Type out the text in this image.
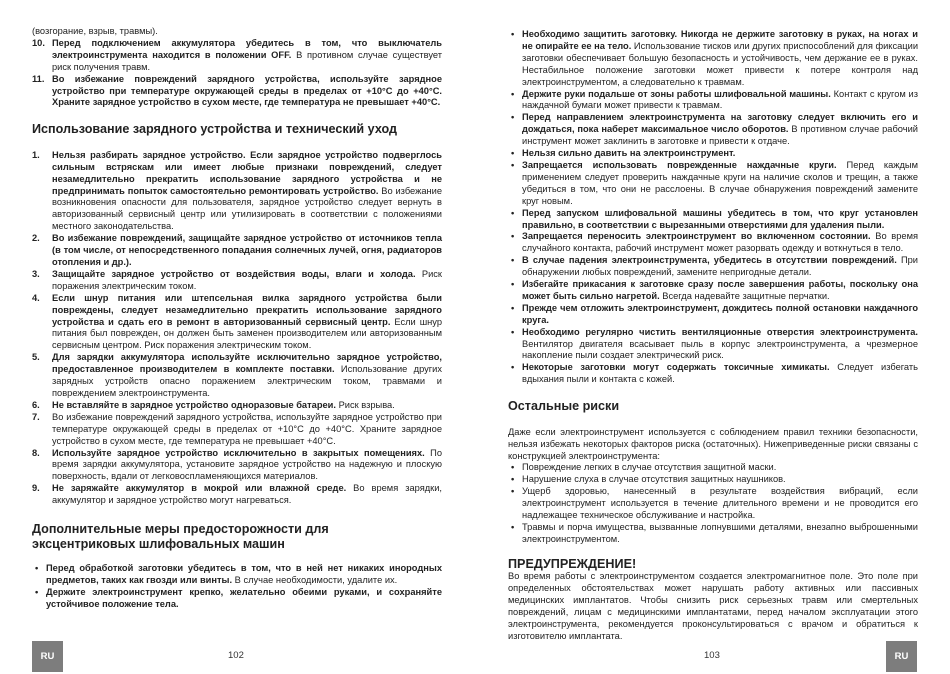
(возгорание, взрыв, травмы).

10. Перед подключением аккумулятора убедитесь в том, что выключатель электроинструмента находится в положении OFF. В противном случае существует риск получения травм.
11. Во избежание повреждений зарядного устройства, используйте зарядное устройство при температуре окружающей среды в пределах от +10°С до +40°С. Храните зарядное устройство в сухом месте, где температура не превышает +40°С.
Использование зарядного устройства и технический уход
1. Нельзя разбирать зарядное устройство. Если зарядное устройство подверглось сильным встряскам или имеет любые признаки повреждений, следует незамедлительно прекратить использование зарядного устройства и не предпринимать попыток самостоятельно ремонтировать устройство. Во избежание возникновения опасности для пользователя, зарядное устройство следует вернуть в авторизованный сервисный центр или утилизировать в соответствии с положениями местного законодательства.
2. Во избежание повреждений, защищайте зарядное устройство от источников тепла (в том числе, от непосредственного попадания солнечных лучей, огня, радиаторов отопления и др.).
3. Защищайте зарядное устройство от воздействия воды, влаги и холода. Риск поражения электрическим током.
4. Если шнур питания или штепсельная вилка зарядного устройства были повреждены, следует незамедлительно прекратить использование зарядного устройства и сдать его в ремонт в авторизованный сервисный центр. Если шнур питания был поврежден, он должен быть заменен производителем или авторизованным сервисным центром. Риск поражения электрическим током.
5. Для зарядки аккумулятора используйте исключительно зарядное устройство, предоставленное производителем в комплекте поставки. Использование других зарядных устройств опасно поражением электрическим током, травмами и повреждением электроинструмента.
6. Не вставляйте в зарядное устройство одноразовые батареи. Риск взрыва.
7. Во избежание повреждений зарядного устройства, используйте зарядное устройство при температуре окружающей среды в пределах от +10°С до +40°С. Храните зарядное устройство в сухом месте, где температура не превышает +40°С.
8. Используйте зарядное устройство исключительно в закрытых помещениях. По время зарядки аккумулятора, установите зарядное устройство на надежную и плоскую поверхность, вдали от легковоспламеняющихся материалов.
9. Не заряжайте аккумулятор в мокрой или влажной среде. Во время зарядки, аккумулятор и зарядное устройство могут нагреваться.
Дополнительные меры предосторожности для
эксцентриковых шлифовальных машин
• Перед обработкой заготовки убедитесь в том, что в ней нет никаких инородных предметов, таких как гвозди или винты. В случае необходимости, удалите их.
• Держите электроинструмент крепко, желательно обеими руками, и сохраняйте устойчивое положение тела.
RU	102
• Необходимо защитить заготовку. Никогда не держите заготовку в руках, на ногах и не опирайте ее на тело. Использование тисков или других приспособлений для фиксации заготовки обеспечивает большую безопасность и устойчивость, чем держание ее в руках. Нестабильное положение заготовки может привести к потере контроля над электроинструментом, а следовательно к травмам.
• Держите руки подальше от зоны работы шлифовальной машины. Контакт с кругом из наждачной бумаги может привести к травмам.
• Перед направлением электроинструмента на заготовку следует включить его и дождаться, пока наберет максимальное число оборотов. В противном случае рабочий инструмент может заклинить в заготовке и привести к отдаче.
• Нельзя сильно давить на электроинструмент.
• Запрещается использовать поврежденные наждачные круги. Перед каждым применением следует проверить наждачные круги на наличие сколов и трещин, а также убедиться в том, что они не расслоены. В случае обнаружения повреждений замените круг новым.
• Перед запуском шлифовальной машины убедитесь в том, что круг установлен правильно, в соответствии с вырезанными отверстиями для удаления пыли.
• Запрещается переносить электроинструмент во включенном состоянии. Во время случайного контакта, рабочий инструмент может разорвать одежду и воткнуться в тело.
• В случае падения электроинструмента, убедитесь в отсутствии повреждений. При обнаружении любых повреждений, замените непригодные детали.
• Избегайте прикасания к заготовке сразу после завершения работы, поскольку она может быть сильно нагретой. Всегда надевайте защитные перчатки.
• Прежде чем отложить электроинструмент, дождитесь полной остановки наждачного круга.
• Необходимо регулярно чистить вентиляционные отверстия электроинструмента. Вентилятор двигателя всасывает пыль в корпус электроинструмента, а чрезмерное накопление пыли создает электрический риск.
• Некоторые заготовки могут содержать токсичные химикаты. Следует избегать вдыхания пыли и контакта с кожей.
Остальные риски

Даже если электроинструмент используется с соблюдением правил техники безопасности, нельзя избежать некоторых факторов риска (остаточных). Нижеприведенные риски связаны с конструкцией электроинструмента:

• Повреждение легких в случае отсутствия защитной маски.
• Нарушение слуха в случае отсутствия защитных наушников.
• Ущерб здоровью, нанесенный в результате воздействия вибраций, если электроинструмент используется в течение длительного времени и не проводится его надлежащее техническое обслуживание и настройка.
• Травмы и порча имущества, вызванные лопнувшими деталями, внезапно выброшенными электроинструментом.
ПРЕДУПРЕЖДЕНИЕ!

Во время работы с электроинструментом создается электромагнитное поле. Это поле при определенных обстоятельствах может нарушать работу активных или пассивных медицинских имплантатов. Чтобы снизить риск серьезных травм или смертельных повреждений, лицам с медицинскими имплантатами, перед началом эксплуатации этого электроинструмента, рекомендуется проконсультироваться с врачом и обратиться к изготовителю имплантата.

103	RU
